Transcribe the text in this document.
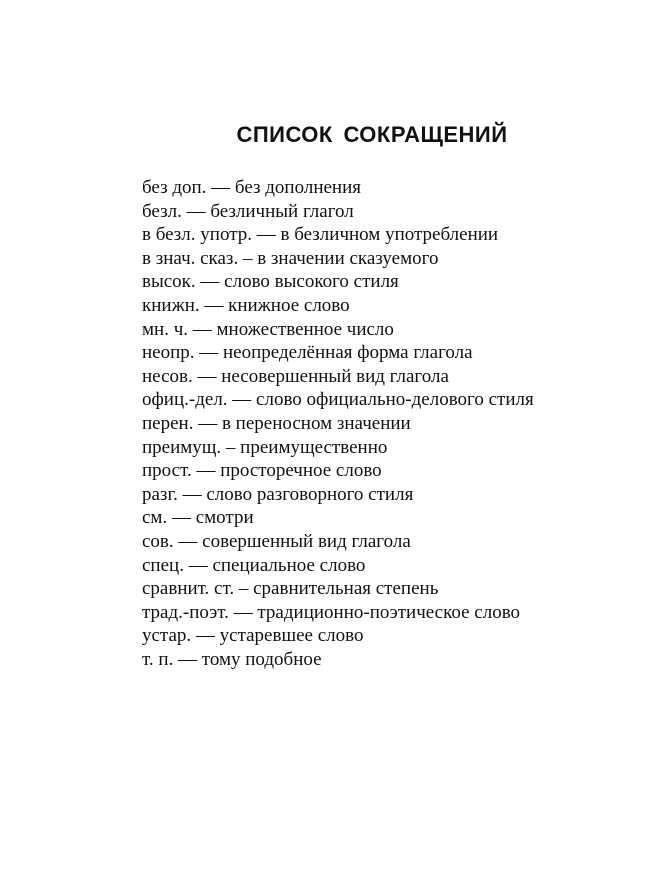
СПИСОК СОКРАЩЕНИЙ
без доп. — без дополнения
безл. — безличный глагол
в безл. употр. — в безличном употреблении
в знач. сказ. – в значении сказуемого
высок. — слово высокого стиля
книжн. — книжное слово
мн. ч. — множественное число
неопр. — неопределённая форма глагола
несов. — несовершенный вид глагола
офиц.-дел. — слово официально-делового стиля
перен. — в переносном значении
преимущ. – преимущественно
прост. — просторечное слово
разг. — слово разговорного стиля
см. — смотри
сов. — совершенный вид глагола
спец. — специальное слово
сравнит. ст. – сравнительная степень
трад.-поэт. — традиционно-поэтическое слово
устар. — устаревшее слово
т. п. — тому подобное
